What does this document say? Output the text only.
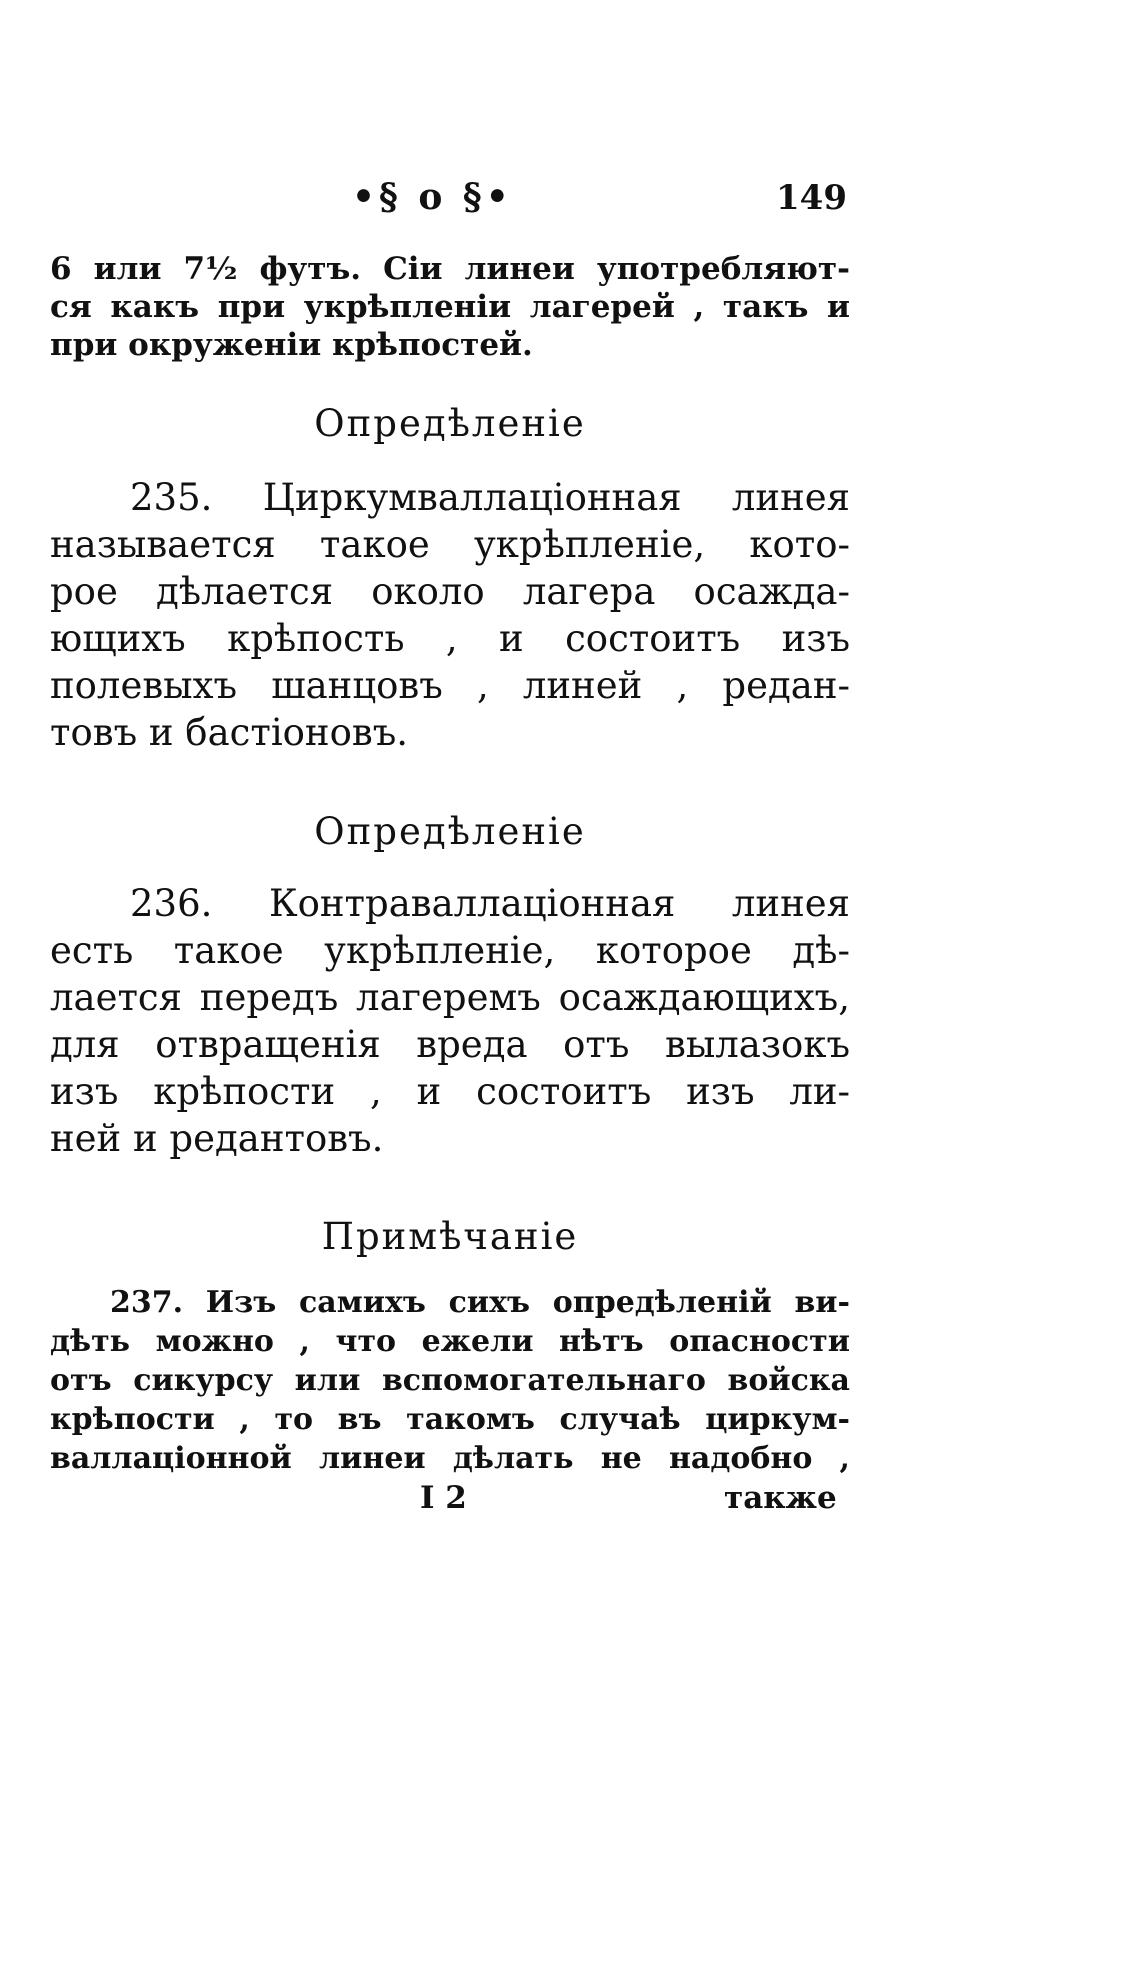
•§ o §•	149
6 или 7½ футъ. Сіи линеи употребляют-
ся какъ при укрѣпленіи лагерей , такъ и
при окруженіи крѣпостей.
Опредѣленіе
235. Циркумваллаціонная линея
называется такое укрѣпленіе, кото-
рое дѣлается около лагера осажда-
ющихъ крѣпость , и состоитъ изъ
полевыхъ шанцовъ , линей , редан-
товъ и бастіоновъ.
Опредѣленіе
236. Контраваллаціонная линея
есть такое укрѣпленіе, которое дѣ-
лается передъ лагеремъ осаждающихъ,
для отвращенія вреда отъ вылазокъ
изъ крѣпости , и состоитъ изъ ли-
ней и редантовъ.
Примѣчаніе
237. Изъ самихъ сихъ опредѣленій ви-
дѣть можно , что ежели нѣтъ опасности
отъ сикурсу или вспомогательнаго войска
крѣпости , то въ такомъ случаѣ циркум-
валлаціонной линеи дѣлать не надобно ,
I 2	также
